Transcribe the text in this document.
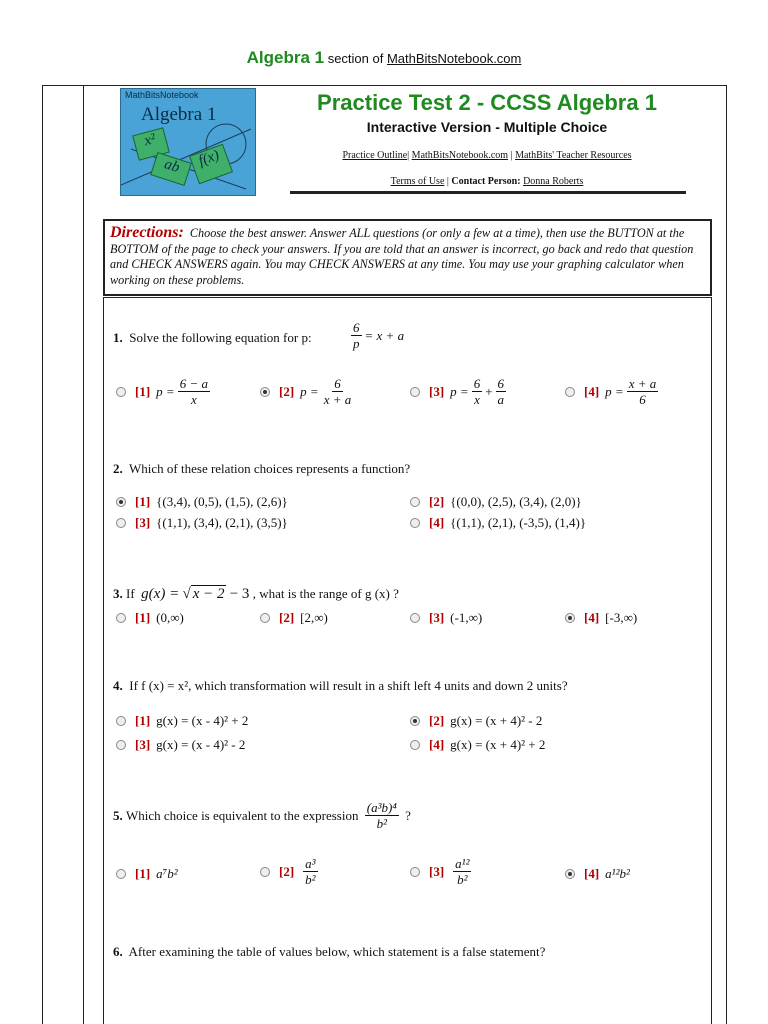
Algebra 1 section of MathBitsNotebook.com
MathBitsNotebook
Algebra 1
x²
ab f(x)
Practice Test 2 - CCSS Algebra 1
Interactive Version - Multiple Choice
Practice Outline| MathBitsNotebook.com | MathBits' Teacher Resources
Terms of Use | Contact Person: Donna Roberts
Directions: Choose the best answer. Answer ALL questions (or only a few at a time), then use the BUTTON at the BOTTOM of the page to check your answers. If you are told that an answer is incorrect, go back and redo that question and CHECK ANSWERS again. You may CHECK ANSWERS at any time. You may use your graphing calculator when working on these problems.
1. Solve the following equation for p:	$\frac{6}{p} = x + a$
[1] $p = \frac{6 - a}{x}$	[2] $p = \frac{6}{x + a}$	[3] $p = \frac{6}{x} + \frac{6}{a}$	[4] $p = \frac{x + a}{6}$
2. Which of these relation choices represents a function?
[1] {(3,4), (0,5), (1,5), (2,6)}	[2] {(0,0), (2,5), (3,4), (2,0)}
[3] {(1,1), (3,4), (2,1), (3,5)}	[4] {(1,1), (2,1), (-3,5), (1,4)}
3.
If
g(x) =
√ x − 2
− 3
, what is the range of g (x) ?
[1] (0,∞)	[2] [2,∞)	[3] (-1,∞)	[4] [-3,∞)
4. If f (x) = x², which transformation will result in a shift left 4 units and down 2 units?
[1] g(x) = (x - 4)² + 2	[2] g(x) = (x + 4)² - 2
[3] g(x) = (x - 4)² - 2	[4] g(x) = (x + 4)² + 2
5.
Which choice is equivalent to the expression
$\frac{\text{(a³b)⁴}}{\text{b²}}$
?
[1] a⁷b²	$[2] \frac{\text{a³}}{\text{b²}}$	$[3] \frac{\text{a¹²}}{\text{b²}}$	[4] a¹²b²
6. After examining the table of values below, which statement is a false statement?
